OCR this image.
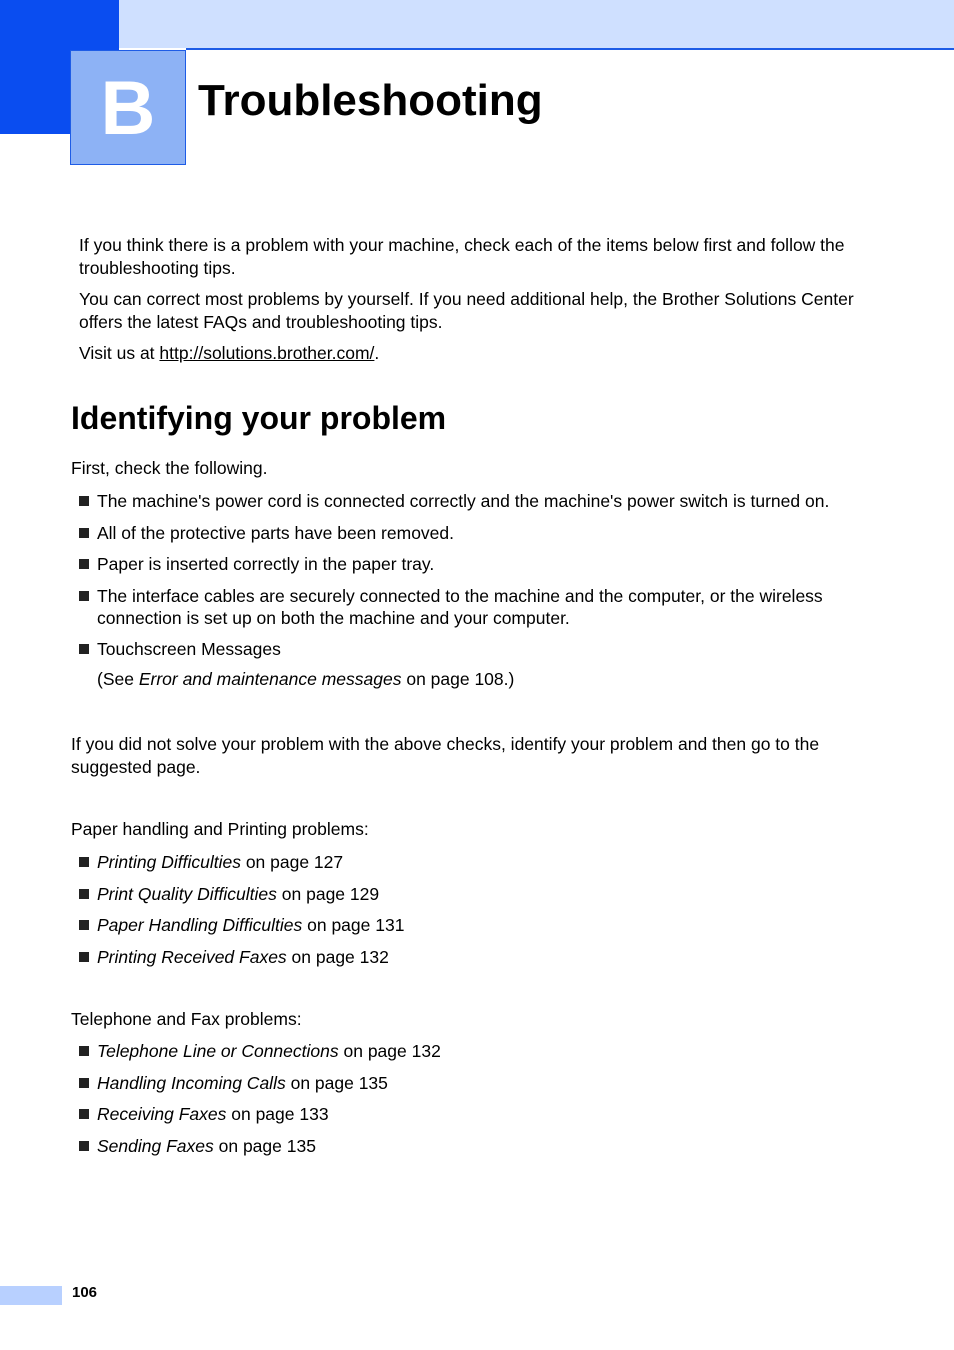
B Troubleshooting

If you think there is a problem with your machine, check each of the items below first and follow the troubleshooting tips.

You can correct most problems by yourself. If you need additional help, the Brother Solutions Center offers the latest FAQs and troubleshooting tips.

Visit us at http://solutions.brother.com/.

Identifying your problem

First, check the following.

The machine's power cord is connected correctly and the machine's power switch is turned on.
All of the protective parts have been removed.
Paper is inserted correctly in the paper tray.
The interface cables are securely connected to the machine and the computer, or the wireless connection is set up on both the machine and your computer.
Touchscreen Messages
(See Error and maintenance messages on page 108.)

If you did not solve your problem with the above checks, identify your problem and then go to the suggested page.

Paper handling and Printing problems:

Printing Difficulties on page 127
Print Quality Difficulties on page 129
Paper Handling Difficulties on page 131
Printing Received Faxes on page 132

Telephone and Fax problems:

Telephone Line or Connections on page 132
Handling Incoming Calls on page 135
Receiving Faxes on page 133
Sending Faxes on page 135
106
